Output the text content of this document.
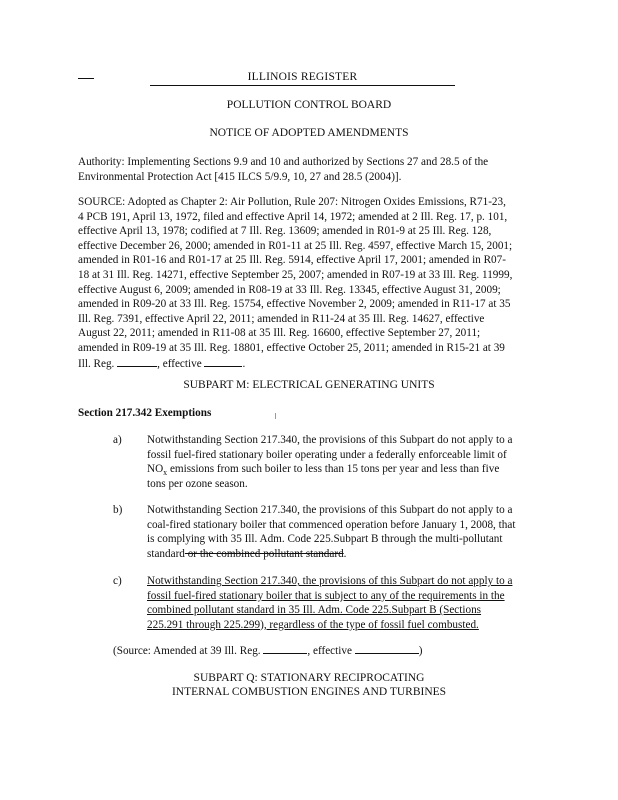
ILLINOIS REGISTER
POLLUTION CONTROL BOARD
NOTICE OF ADOPTED AMENDMENTS
Authority: Implementing Sections 9.9 and 10 and authorized by Sections 27 and 28.5 of the
Environmental Protection Act [415 ILCS 5/9.9, 10, 27 and 28.5 (2004)].
SOURCE: Adopted as Chapter 2: Air Pollution, Rule 207: Nitrogen Oxides Emissions, R71-23,
4 PCB 191, April 13, 1972, filed and effective April 14, 1972; amended at 2 Ill. Reg. 17, p. 101,
effective April 13, 1978; codified at 7 Ill. Reg. 13609; amended in R01-9 at 25 Ill. Reg. 128,
effective December 26, 2000; amended in R01-11 at 25 Ill. Reg. 4597, effective March 15, 2001;
amended in R01-16 and R01-17 at 25 Ill. Reg. 5914, effective April 17, 2001; amended in R07-
18 at 31 Ill. Reg. 14271, effective September 25, 2007; amended in R07-19 at 33 Ill. Reg. 11999,
effective August 6, 2009; amended in R08-19 at 33 Ill. Reg. 13345, effective August 31, 2009;
amended in R09-20 at 33 Ill. Reg. 15754, effective November 2, 2009; amended in R11-17 at 35
Ill. Reg. 7391, effective April 22, 2011; amended in R11-24 at 35 Ill. Reg. 14627, effective
August 22, 2011; amended in R11-08 at 35 Ill. Reg. 16600, effective September 27, 2011;
amended in R09-19 at 35 Ill. Reg. 18801, effective October 25, 2011; amended in R15-21 at 39
Ill. Reg.	, effective	.
SUBPART M: ELECTRICAL GENERATING UNITS
Section 217.342 Exemptions
a) Notwithstanding Section 217.340, the provisions of this Subpart do not apply to a
fossil fuel-fired stationary boiler operating under a federally enforceable limit of
$NO_x$ emissions from such boiler to less than 15 tons per year and less than five
tons per ozone season.
b) Notwithstanding Section 217.340, the provisions of this Subpart do not apply to a
coal-fired stationary boiler that commenced operation before January 1, 2008, that
is complying with 35 Ill. Adm. Code 225.Subpart B through the multi-pollutant
standard or the combined pollutant standard.
c) Notwithstanding Section 217.340, the provisions of this Subpart do not apply to a
fossil fuel-fired stationary boiler that is subject to any of the requirements in the
combined pollutant standard in 35 Ill. Adm. Code 225.Subpart B (Sections
225.291 through 225.299), regardless of the type of fossil fuel combusted.
(Source: Amended at 39 Ill. Reg.	, effective	)
SUBPART Q: STATIONARY RECIPROCATING
INTERNAL COMBUSTION ENGINES AND TURBINES
